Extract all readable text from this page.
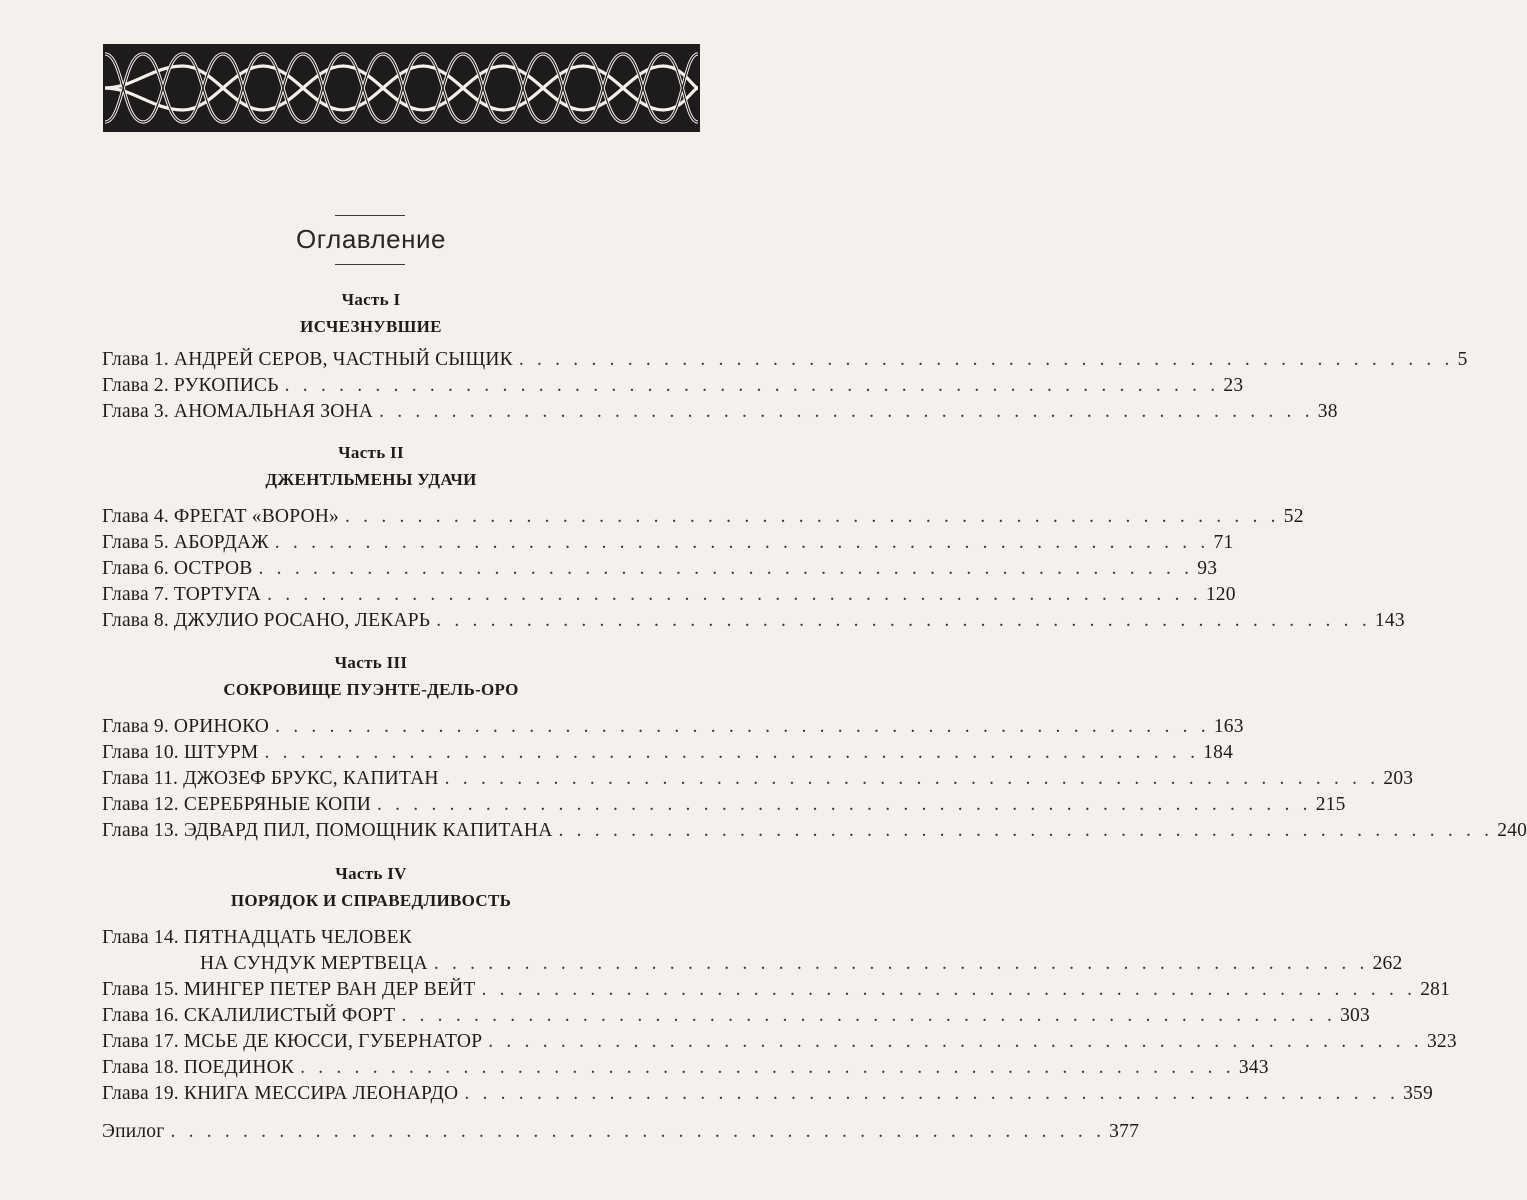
Оглавление
Часть I
ИСЧЕЗНУВШИЕ
Глава 1. АНДРЕЙ СЕРОВ, ЧАСТНЫЙ СЫЩИК . . . . . . . . . . . . . . . . . . . . . . . . . . . . . . . . . . . . . . . . . . . . . . . . . . . . 5
Глава 2. РУКОПИСЬ . . . . . . . . . . . . . . . . . . . . . . . . . . . . . . . . . . . . . . . . . . . . . . . . . . . . 23
Глава 3. АНОМАЛЬНАЯ ЗОНА . . . . . . . . . . . . . . . . . . . . . . . . . . . . . . . . . . . . . . . . . . . . . . . . . . . . 38
Часть II
ДЖЕНТЛЬМЕНЫ УДАЧИ
Глава 4. ФРЕГАТ «ВОРОН» . . . . . . . . . . . . . . . . . . . . . . . . . . . . . . . . . . . . . . . . . . . . . . . . . . . . 52
Глава 5. АБОРДАЖ . . . . . . . . . . . . . . . . . . . . . . . . . . . . . . . . . . . . . . . . . . . . . . . . . . . . 71
Глава 6. ОСТРОВ . . . . . . . . . . . . . . . . . . . . . . . . . . . . . . . . . . . . . . . . . . . . . . . . . . . . 93
Глава 7. ТОРТУГА . . . . . . . . . . . . . . . . . . . . . . . . . . . . . . . . . . . . . . . . . . . . . . . . . . . . 120
Глава 8. ДЖУЛИО РОСАНО, ЛЕКАРЬ . . . . . . . . . . . . . . . . . . . . . . . . . . . . . . . . . . . . . . . . . . . . . . . . . . . . 143
Часть III
СОКРОВИЩЕ ПУЭНТЕ-ДЕЛЬ-ОРО
Глава 9. ОРИНОКО . . . . . . . . . . . . . . . . . . . . . . . . . . . . . . . . . . . . . . . . . . . . . . . . . . . . 163
Глава 10. ШТУРМ . . . . . . . . . . . . . . . . . . . . . . . . . . . . . . . . . . . . . . . . . . . . . . . . . . . . 184
Глава 11. ДЖОЗЕФ БРУКС, КАПИТАН . . . . . . . . . . . . . . . . . . . . . . . . . . . . . . . . . . . . . . . . . . . . . . . . . . . . 203
Глава 12. СЕРЕБРЯНЫЕ КОПИ . . . . . . . . . . . . . . . . . . . . . . . . . . . . . . . . . . . . . . . . . . . . . . . . . . . . 215
Глава 13. ЭДВАРД ПИЛ, ПОМОЩНИК КАПИТАНА . . . . . . . . . . . . . . . . . . . . . . . . . . . . . . . . . . . . . . . . . . . . . . . . . . . . 240
Часть IV
ПОРЯДОК И СПРАВЕДЛИВОСТЬ
Глава 14. ПЯТНАДЦАТЬ ЧЕЛОВЕК
НА СУНДУК МЕРТВЕЦА . . . . . . . . . . . . . . . . . . . . . . . . . . . . . . . . . . . . . . . . . . . . . . . . . . . . 262
Глава 15. МИНГЕР ПЕТЕР ВАН ДЕР ВЕЙТ . . . . . . . . . . . . . . . . . . . . . . . . . . . . . . . . . . . . . . . . . . . . . . . . . . . . 281
Глава 16. СКАЛИЛИСТЫЙ ФОРТ . . . . . . . . . . . . . . . . . . . . . . . . . . . . . . . . . . . . . . . . . . . . . . . . . . . . 303
Глава 17. МСЬЕ ДЕ КЮССИ, ГУБЕРНАТОР . . . . . . . . . . . . . . . . . . . . . . . . . . . . . . . . . . . . . . . . . . . . . . . . . . . . 323
Глава 18. ПОЕДИНОК . . . . . . . . . . . . . . . . . . . . . . . . . . . . . . . . . . . . . . . . . . . . . . . . . . . . 343
Глава 19. КНИГА МЕССИРА ЛЕОНАРДО . . . . . . . . . . . . . . . . . . . . . . . . . . . . . . . . . . . . . . . . . . . . . . . . . . . . 359
Эпилог . . . . . . . . . . . . . . . . . . . . . . . . . . . . . . . . . . . . . . . . . . . . . . . . . . . . 377
